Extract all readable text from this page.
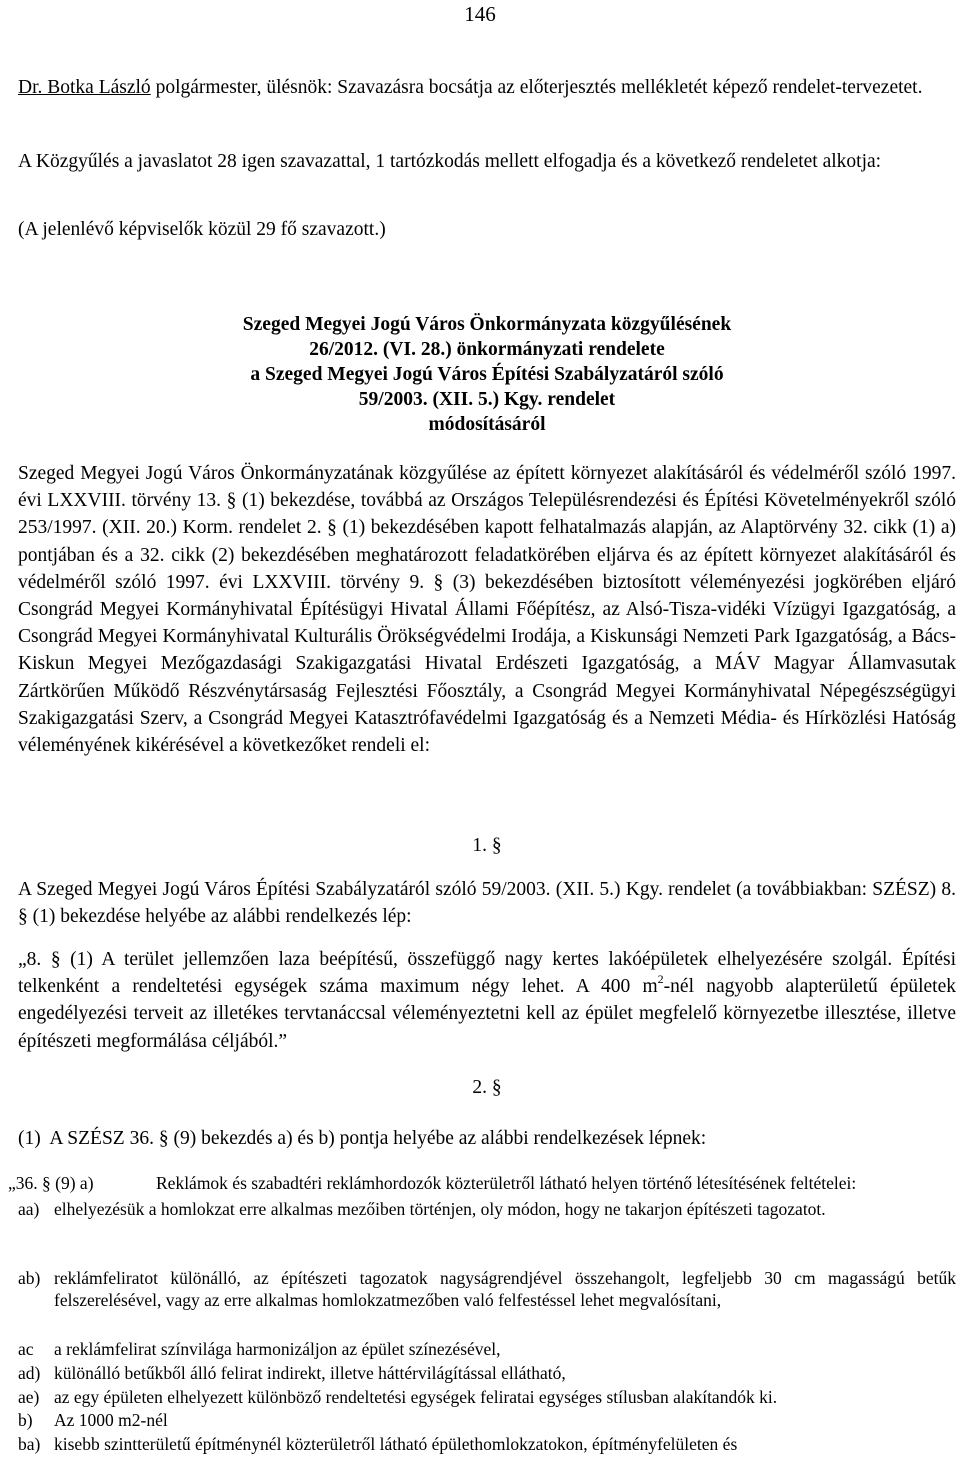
146

Dr. Botka László polgármester, ülésnök: Szavazásra bocsátja az előterjesztés mellékletét képező rendelet-tervezetet.

A Közgyűlés a javaslatot 28 igen szavazattal, 1 tartózkodás mellett elfogadja és a következő rendeletet alkotja:

(A jelenlévő képviselők közül 29 fő szavazott.)

Szeged Megyei Jogú Város Önkormányzata közgyűlésének

26/2012. (VI. 28.) önkormányzati rendelete

a Szeged Megyei Jogú Város Építési Szabályzatáról szóló

59/2003. (XII. 5.) Kgy. rendelet

módosításáról

Szeged Megyei Jogú Város Önkormányzatának közgyűlése az épített környezet alakításáról és védelméről szóló 1997. évi LXXVIII. törvény 13. § (1) bekezdése, továbbá az Országos Településrendezési és Építési Követelményekről szóló 253/1997. (XII. 20.) Korm. rendelet 2. § (1) bekezdésében kapott felhatalmazás alapján, az Alaptörvény 32. cikk (1) a) pontjában és a 32. cikk (2) bekezdésében meghatározott feladatkörében eljárva és az épített környezet alakításáról és védelméről szóló 1997. évi LXXVIII. törvény 9. § (3) bekezdésében biztosított véleményezési jogkörében eljáró Csongrád Megyei Kormányhivatal Építésügyi Hivatal Állami Főépítész, az Alsó-Tisza-vidéki Vízügyi Igazgatóság, a Csongrád Megyei Kormányhivatal Kulturális Örökségvédelmi Irodája, a Kiskunsági Nemzeti Park Igazgatóság, a Bács-Kiskun Megyei Mezőgazdasági Szakigazgatási Hivatal Erdészeti Igazgatóság, a MÁV Magyar Államvasutak Zártkörűen Működő Részvénytársaság Fejlesztési Főosztály, a Csongrád Megyei Kormányhivatal Népegészségügyi Szakigazgatási Szerv, a Csongrád Megyei Katasztrófavédelmi Igazgatóság és a Nemzeti Média- és Hírközlési Hatóság véleményének kikérésével a következőket rendeli el:

1. §

A Szeged Megyei Jogú Város Építési Szabályzatáról szóló 59/2003. (XII. 5.) Kgy. rendelet (a továbbiakban: SZÉSZ) 8. § (1) bekezdése helyébe az alábbi rendelkezés lép:

„8. § (1) A terület jellemzően laza beépítésű, összefüggő nagy kertes lakóépületek elhelyezésére szolgál. Építési telkenként a rendeltetési egységek száma maximum négy lehet. A 400 $m^2$-nél nagyobb alapterületű épületek engedélyezési terveit az illetékes tervtanáccsal véleményeztetni kell az épület megfelelő környezetbe illesztése, illetve építészeti megformálása céljából.”

2. §

(1)  A SZÉSZ 36. § (9) bekezdés a) és b) pontja helyébe az alábbi rendelkezések lépnek:

„36. § (9) a)	Reklámok és szabadtéri reklámhordozók közterületről látható helyen történő létesítésének feltételei:

aa) elhelyezésük a homlokzat erre alkalmas mezőiben történjen, oly módon, hogy ne takarjon építészeti tagozatot.
ab) reklámfeliratot különálló, az építészeti tagozatok nagyságrendjével összehangolt, legfeljebb 30 cm magasságú betűk felszerelésével, vagy az erre alkalmas homlokzatmezőben való felfestéssel lehet megvalósítani,
ac	a reklámfelirat színvilága harmonizáljon az épület színezésével,
ad) különálló betűkből álló felirat indirekt, illetve háttérvilágítással ellátható,
ae) az egy épületen elhelyezett különböző rendeltetési egységek feliratai egységes stílusban alakítandók ki.
b)	Az 1000 m2-nél
ba) kisebb szintterületű építménynél közterületről látható épülethomlokzatokon, építményfelületen és
